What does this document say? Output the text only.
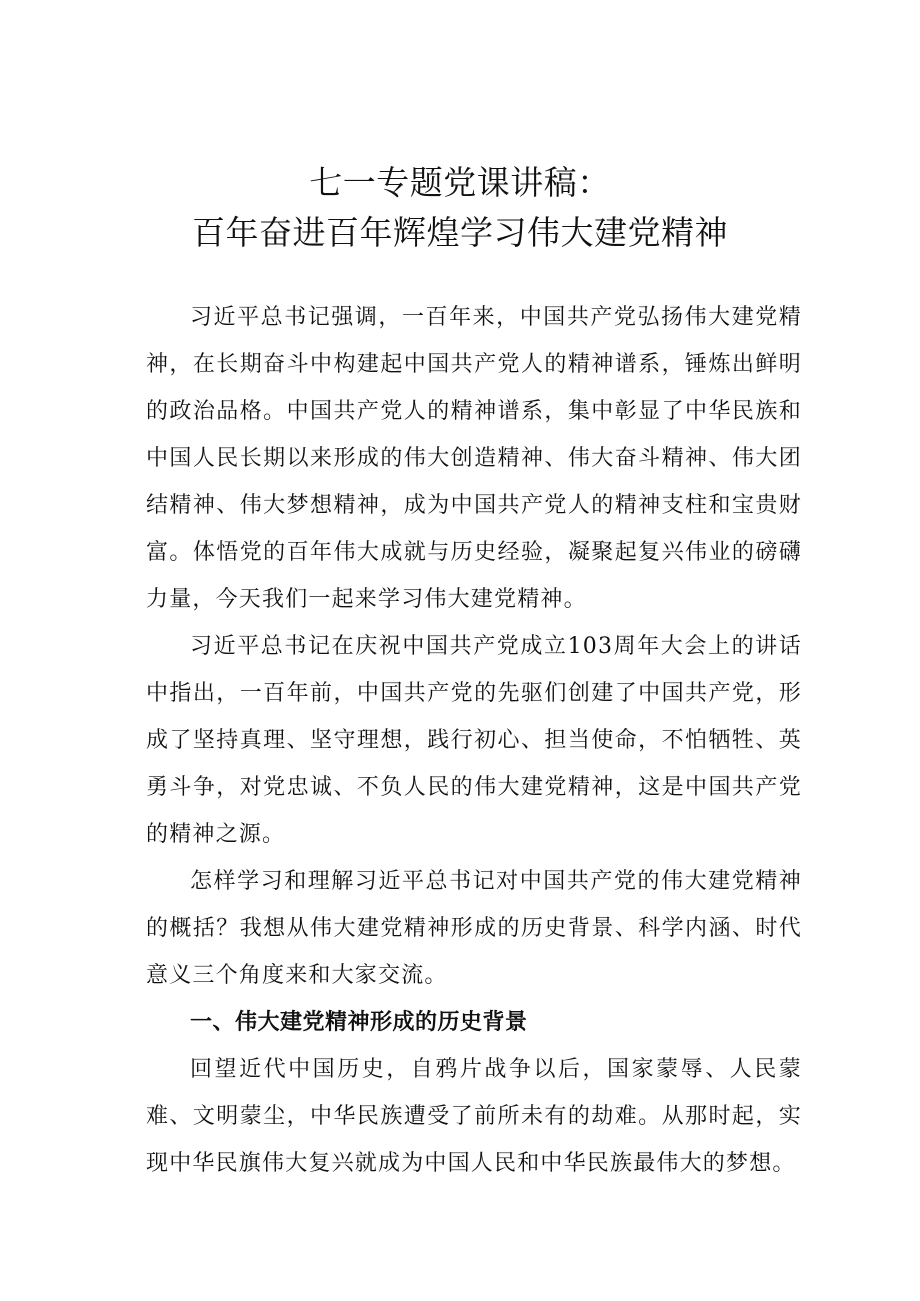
七一专题党课讲稿：
百年奋进百年辉煌学习伟大建党精神

习近平总书记强调，一百年来，中国共产党弘扬伟大建党精神，在长期奋斗中构建起中国共产党人的精神谱系，锤炼出鲜明的政治品格。中国共产党人的精神谱系，集中彰显了中华民族和中国人民长期以来形成的伟大创造精神、伟大奋斗精神、伟大团结精神、伟大梦想精神，成为中国共产党人的精神支柱和宝贵财富。体悟党的百年伟大成就与历史经验，凝聚起复兴伟业的磅礴力量，今天我们一起来学习伟大建党精神。

习近平总书记在庆祝中国共产党成立103周年大会上的讲话中指出，一百年前，中国共产党的先驱们创建了中国共产党，形成了坚持真理、坚守理想，践行初心、担当使命，不怕牺牲、英勇斗争，对党忠诚、不负人民的伟大建党精神，这是中国共产党的精神之源。

怎样学习和理解习近平总书记对中国共产党的伟大建党精神的概括？我想从伟大建党精神形成的历史背景、科学内涵、时代意义三个角度来和大家交流。

一、伟大建党精神形成的历史背景

回望近代中国历史，自鸦片战争以后，国家蒙辱、人民蒙难、文明蒙尘，中华民族遭受了前所未有的劫难。从那时起，实现中华民旗伟大复兴就成为中国人民和中华民族最伟大的梦想。
